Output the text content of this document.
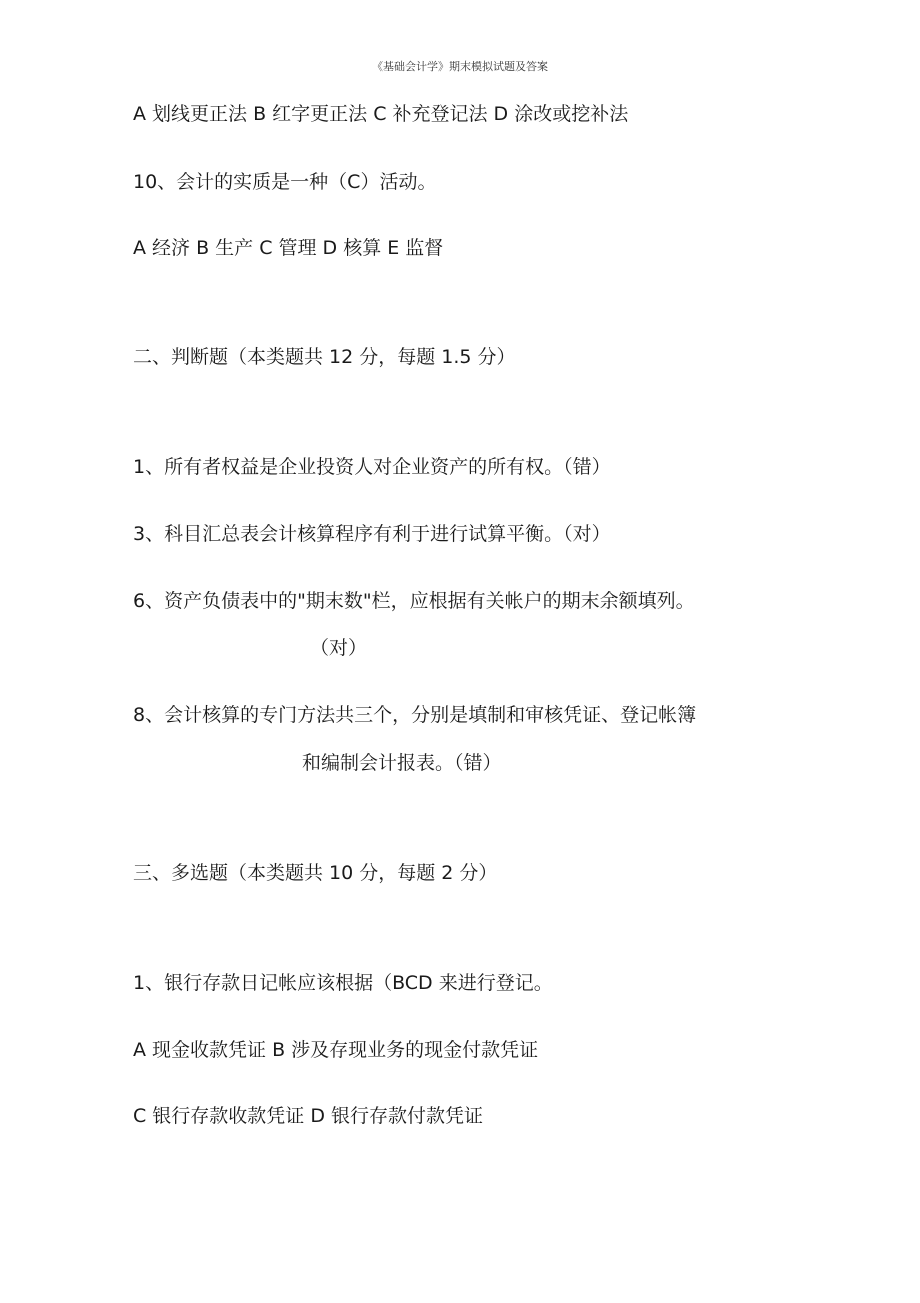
《基础会计学》期末模拟试题及答案
A 划线更正法 B 红字更正法 C 补充登记法 D 涂改或挖补法
10、会计的实质是一种（C）活动。
A 经济 B 生产 C 管理 D 核算 E 监督
二、判断题（本类题共 12 分，每题 1.5 分）
1、所有者权益是企业投资人对企业资产的所有权。（错）
3、科目汇总表会计核算程序有利于进行试算平衡。（对）
6、资产负债表中的"期末数"栏，应根据有关帐户的期末余额填列。
（对）
8、会计核算的专门方法共三个，分别是填制和审核凭证、登记帐簿
和编制会计报表。（错）
三、多选题（本类题共 10 分，每题 2 分）
1、银行存款日记帐应该根据（BCD 来进行登记。
A 现金收款凭证 B 涉及存现业务的现金付款凭证
C 银行存款收款凭证 D 银行存款付款凭证
